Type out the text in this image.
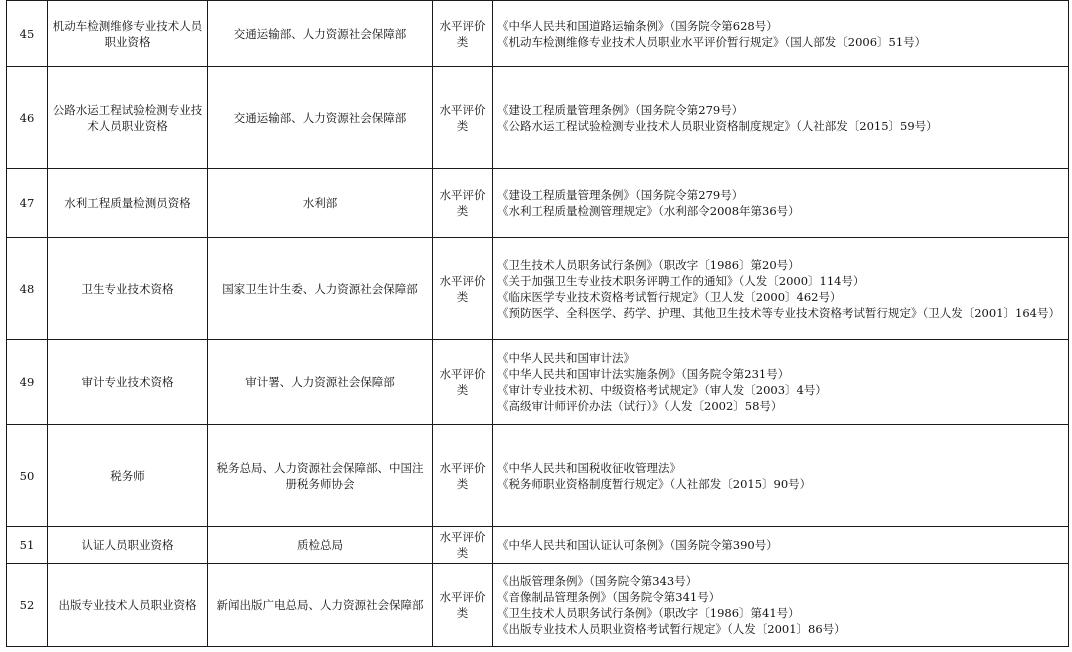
45	机动车检测维修专业技术人员职业资格	交通运输部、人力资源社会保障部	水平评价类	《中华人民共和国道路运输条例》（国务院令第628号）
《机动车检测维修专业技术人员职业水平评价暂行规定》（国人部发〔2006〕51号）

46	公路水运工程试验检测专业技术人员职业资格	交通运输部、人力资源社会保障部	水平评价类	《建设工程质量管理条例》（国务院令第279号）
《公路水运工程试验检测专业技术人员职业资格制度规定》（人社部发〔2015〕59号）

47	水利工程质量检测员资格	水利部	水平评价类	《建设工程质量管理条例》（国务院令第279号）
《水利工程质量检测管理规定》（水利部令2008年第36号）

48	卫生专业技术资格	国家卫生计生委、人力资源社会保障部	水平评价类	《卫生技术人员职务试行条例》（职改字〔1986〕第20号）
《关于加强卫生专业技术职务评聘工作的通知》（人发〔2000〕114号）
《临床医学专业技术资格考试暂行规定》（卫人发〔2000〕462号）
《预防医学、全科医学、药学、护理、其他卫生技术等专业技术资格考试暂行规定》（卫人发〔2001〕164号）

49	审计专业技术资格	审计署、人力资源社会保障部	水平评价类	《中华人民共和国审计法》
《中华人民共和国审计法实施条例》（国务院令第231号）
《审计专业技术初、中级资格考试规定》（审人发〔2003〕4号）
《高级审计师评价办法（试行）》（人发〔2002〕58号）

50	税务师	税务总局、人力资源社会保障部、中国注册税务师协会	水平评价类	《中华人民共和国税收征收管理法》
《税务师职业资格制度暂行规定》（人社部发〔2015〕90号）

51	认证人员职业资格	质检总局	水平评价类	《中华人民共和国认证认可条例》（国务院令第390号）

52	出版专业技术人员职业资格	新闻出版广电总局、人力资源社会保障部	水平评价类	《出版管理条例》（国务院令第343号）
《音像制品管理条例》（国务院令第341号）
《卫生技术人员职务试行条例》（职改字〔1986〕第41号）
《出版专业技术人员职业资格考试暂行规定》（人发〔2001〕86号）
